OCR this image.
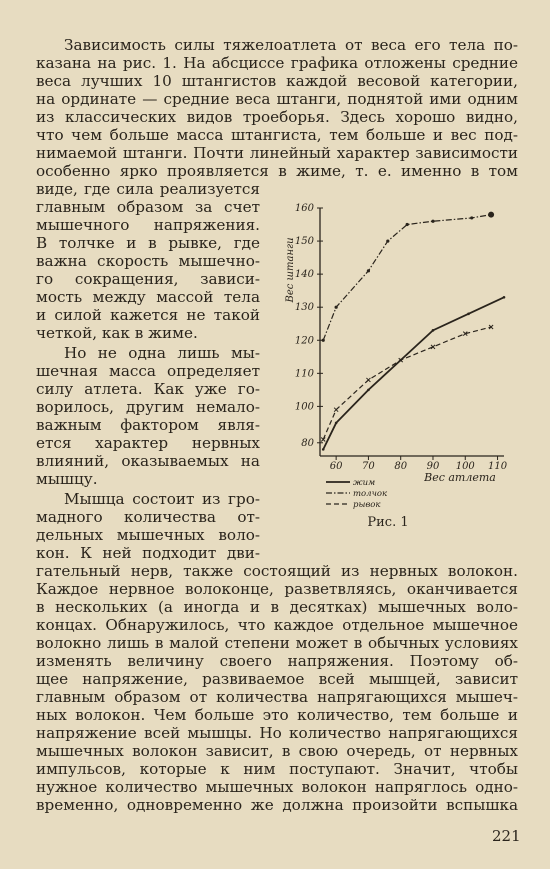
Зависимость силы тяжелоатлета от веса его тела по-
казана на рис. 1. На абсциссе графика отложены средние
веса лучших 10 штангистов каждой весовой категории,
на ординате — средние веса штанги, поднятой ими одним
из классических видов троеборья. Здесь хорошо видно,
что чем больше масса штангиста, тем больше и вес под-
нимаемой штанги. Почти линейный характер зависимости
особенно ярко проявляется в жиме, т. е. именно в том
виде, где сила реализуется
главным образом за счет
мышечного напряжения.
В толчке и в рывке, где
важна скорость мышечно-
го сокращения, зависи-
мость между массой тела
и силой кажется не такой
четкой, как в жиме.
Но не одна лишь мы-
шечная масса определяет
силу атлета. Как уже го-
ворилось, другим немало-
важным фактором явля-
ется характер нервных
влияний, оказываемых на
мышцу.
Мышца состоит из гро-
мадного количества от-
дельных мышечных воло-
кон. К ней подходит дви-
гательный нерв, также состоящий из нервных волокон.
Каждое нервное волоконце, разветвляясь, оканчивается
в нескольких (а иногда и в десятках) мышечных воло-
концах. Обнаружилось, что каждое отдельное мышечное
волокно лишь в малой степени может в обычных условиях
изменять величину своего напряжения. Поэтому об-
щее напряжение, развиваемое всей мышцей, зависит
главным образом от количества напрягающихся мышеч-
ных волокон. Чем больше это количество, тем больше и
напряжение всей мышцы. Но количество напрягающихся
мышечных волокон зависит, в свою очередь, от нервных
импульсов, которые к ним поступают. Значит, чтобы
нужное количество мышечных волокон напряглось одно-
временно, одновременно же должна произойти вспышка
Вес штанги
Вес атлета
60 70 80 90 100 110
80
100
110
120
130
140
150
160
жим
толчок
рывок
Рис. 1
221
